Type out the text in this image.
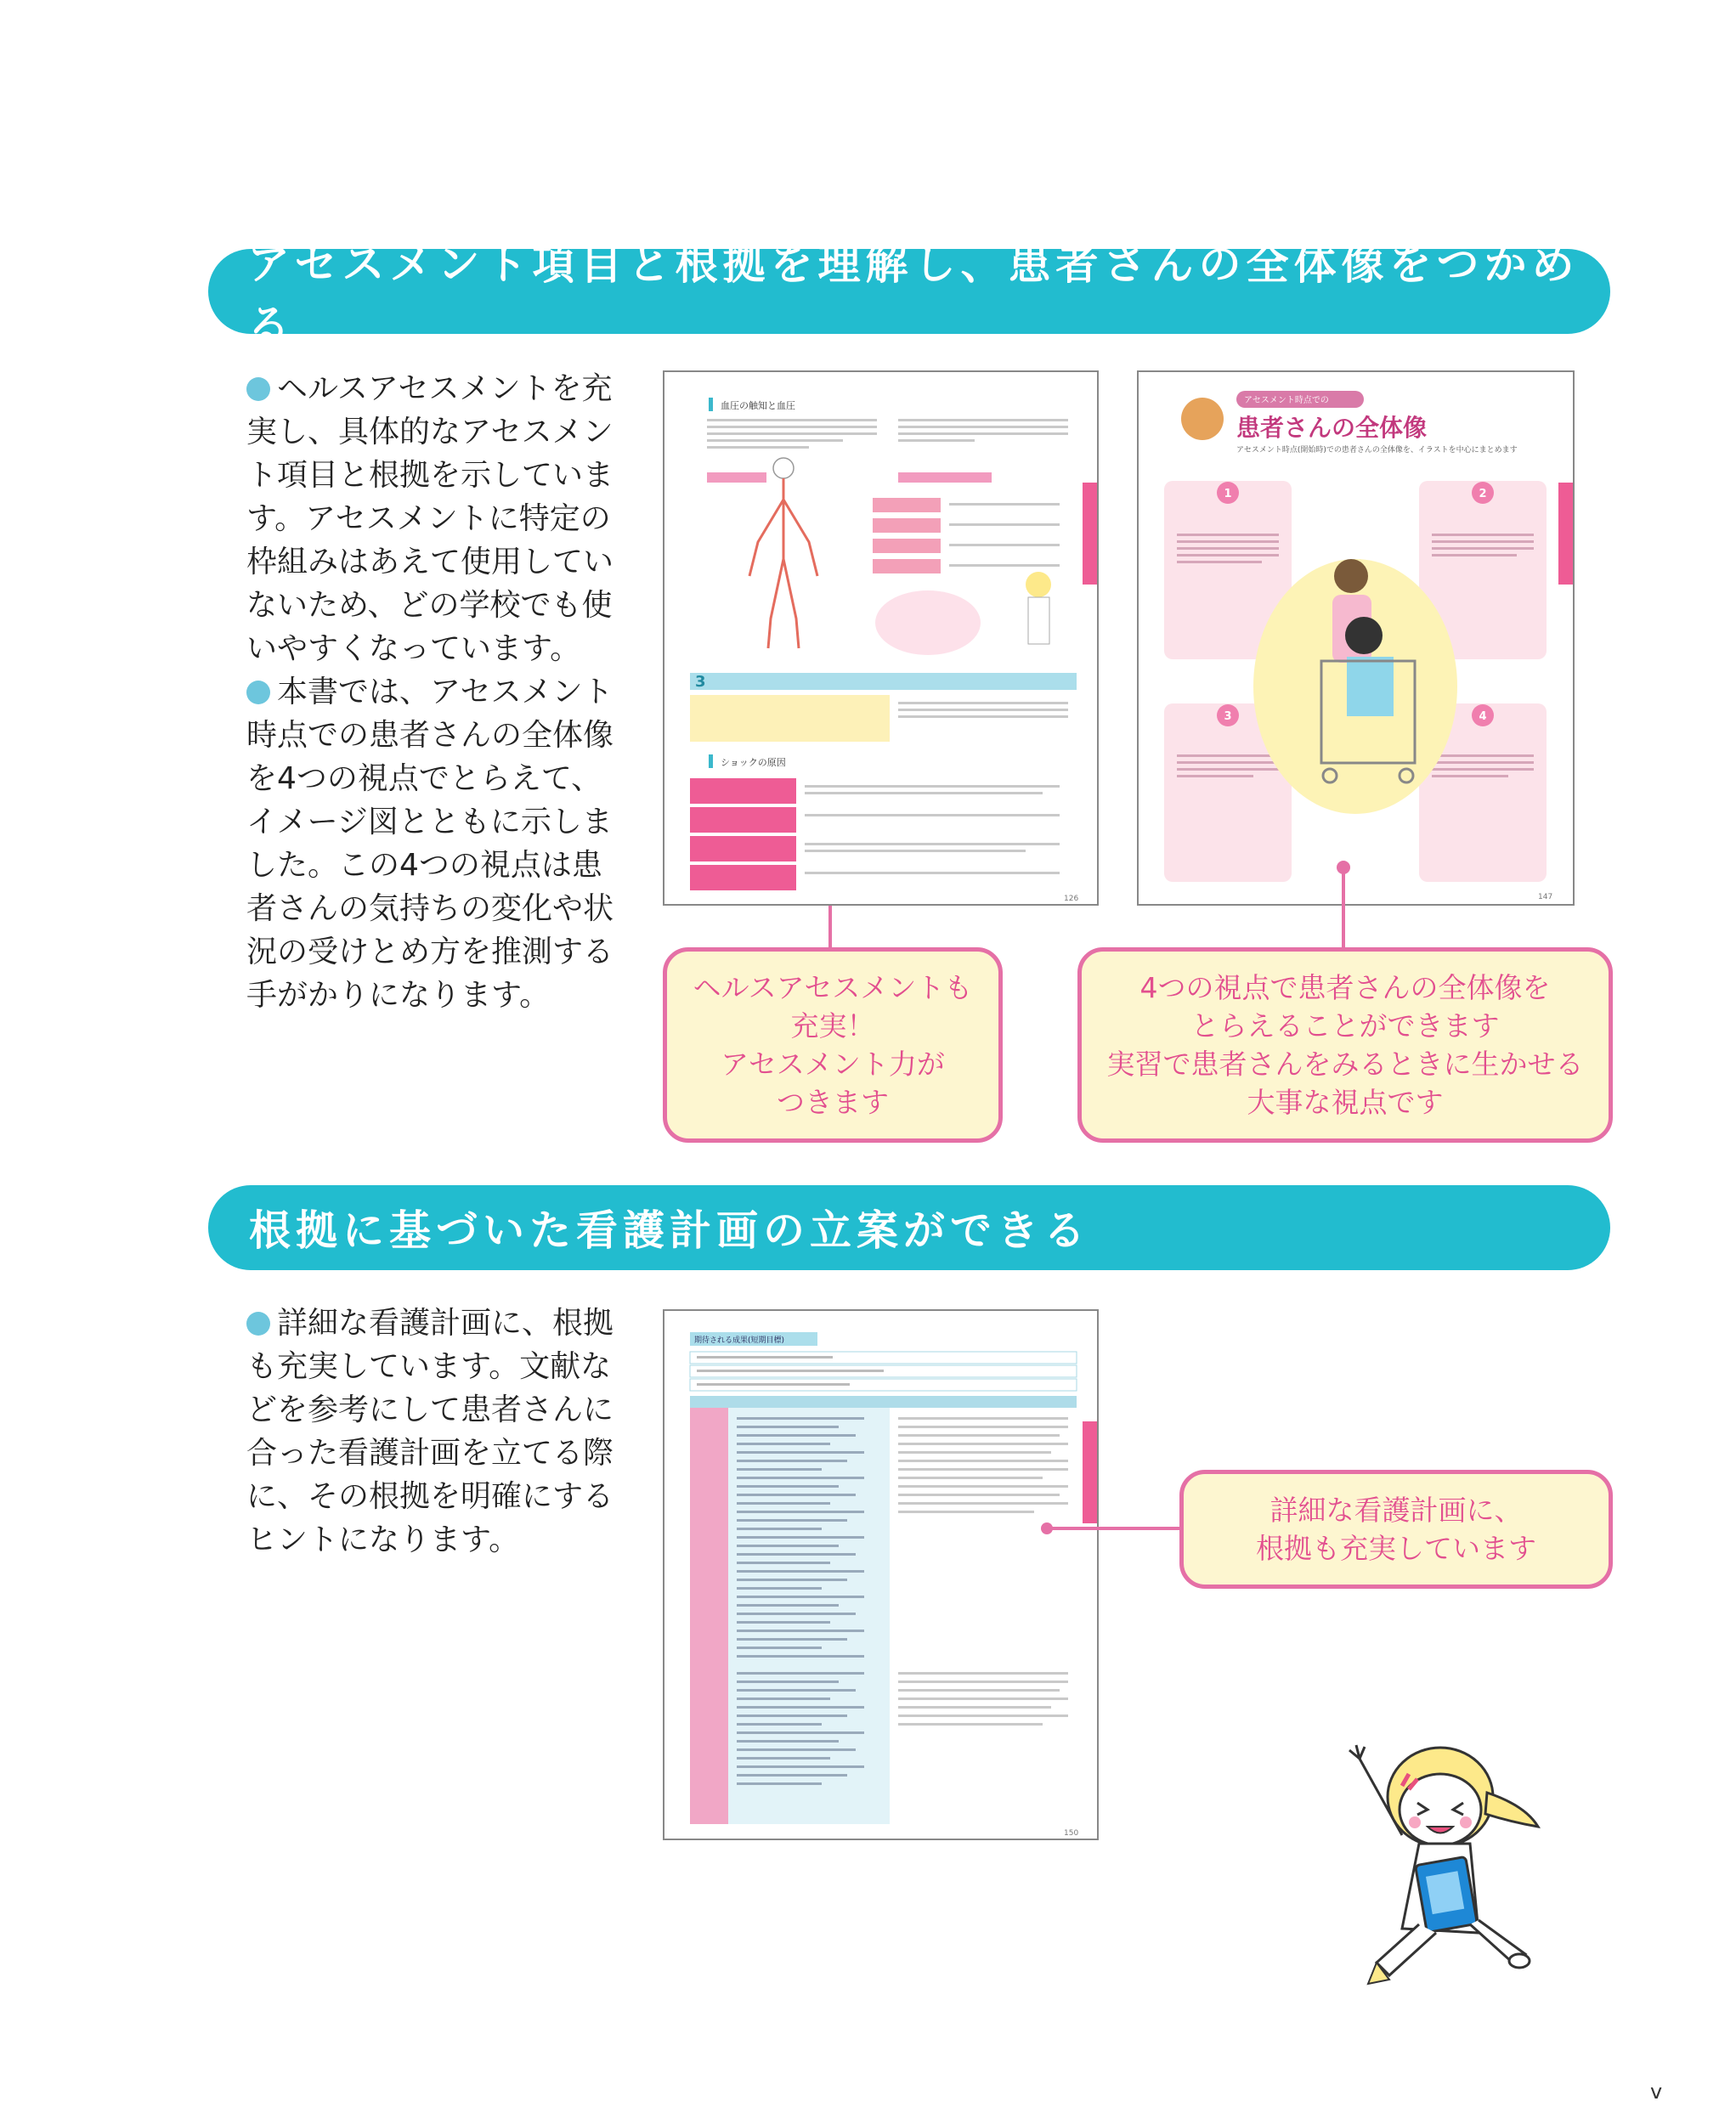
アセスメント項目と根拠を理解し、患者さんの全体像をつかめる
ヘルスアセスメントを充実し、具体的なアセスメント項目と根拠を示しています。アセスメントに特定の枠組みはあえて使用していないため、どの学校でも使いやすくなっています。
本書では、アセスメント時点での患者さんの全体像を4つの視点でとらえて、イメージ図とともに示しました。この4つの視点は患者さんの気持ちの変化や状況の受けとめ方を推測する手がかりになります。
血圧の触知と血圧
3
ショックの原因
126
アセスメント時点での
患者さんの全体像
アセスメント時点(開始時)での患者さんの全体像を、イラストを中心にまとめます
1	2
3	4
147
ヘルスアセスメントも
充実！
アセスメント力が
つきます
4つの視点で患者さんの全体像を
とらえることができます
実習で患者さんをみるときに生かせる
大事な視点です
根拠に基づいた看護計画の立案ができる
詳細な看護計画に、根拠も充実しています。文献などを参考にして患者さんに合った看護計画を立てる際に、その根拠を明確にするヒントになります。
期待される成果(短期目標)
150
詳細な看護計画に、
根拠も充実しています
v
